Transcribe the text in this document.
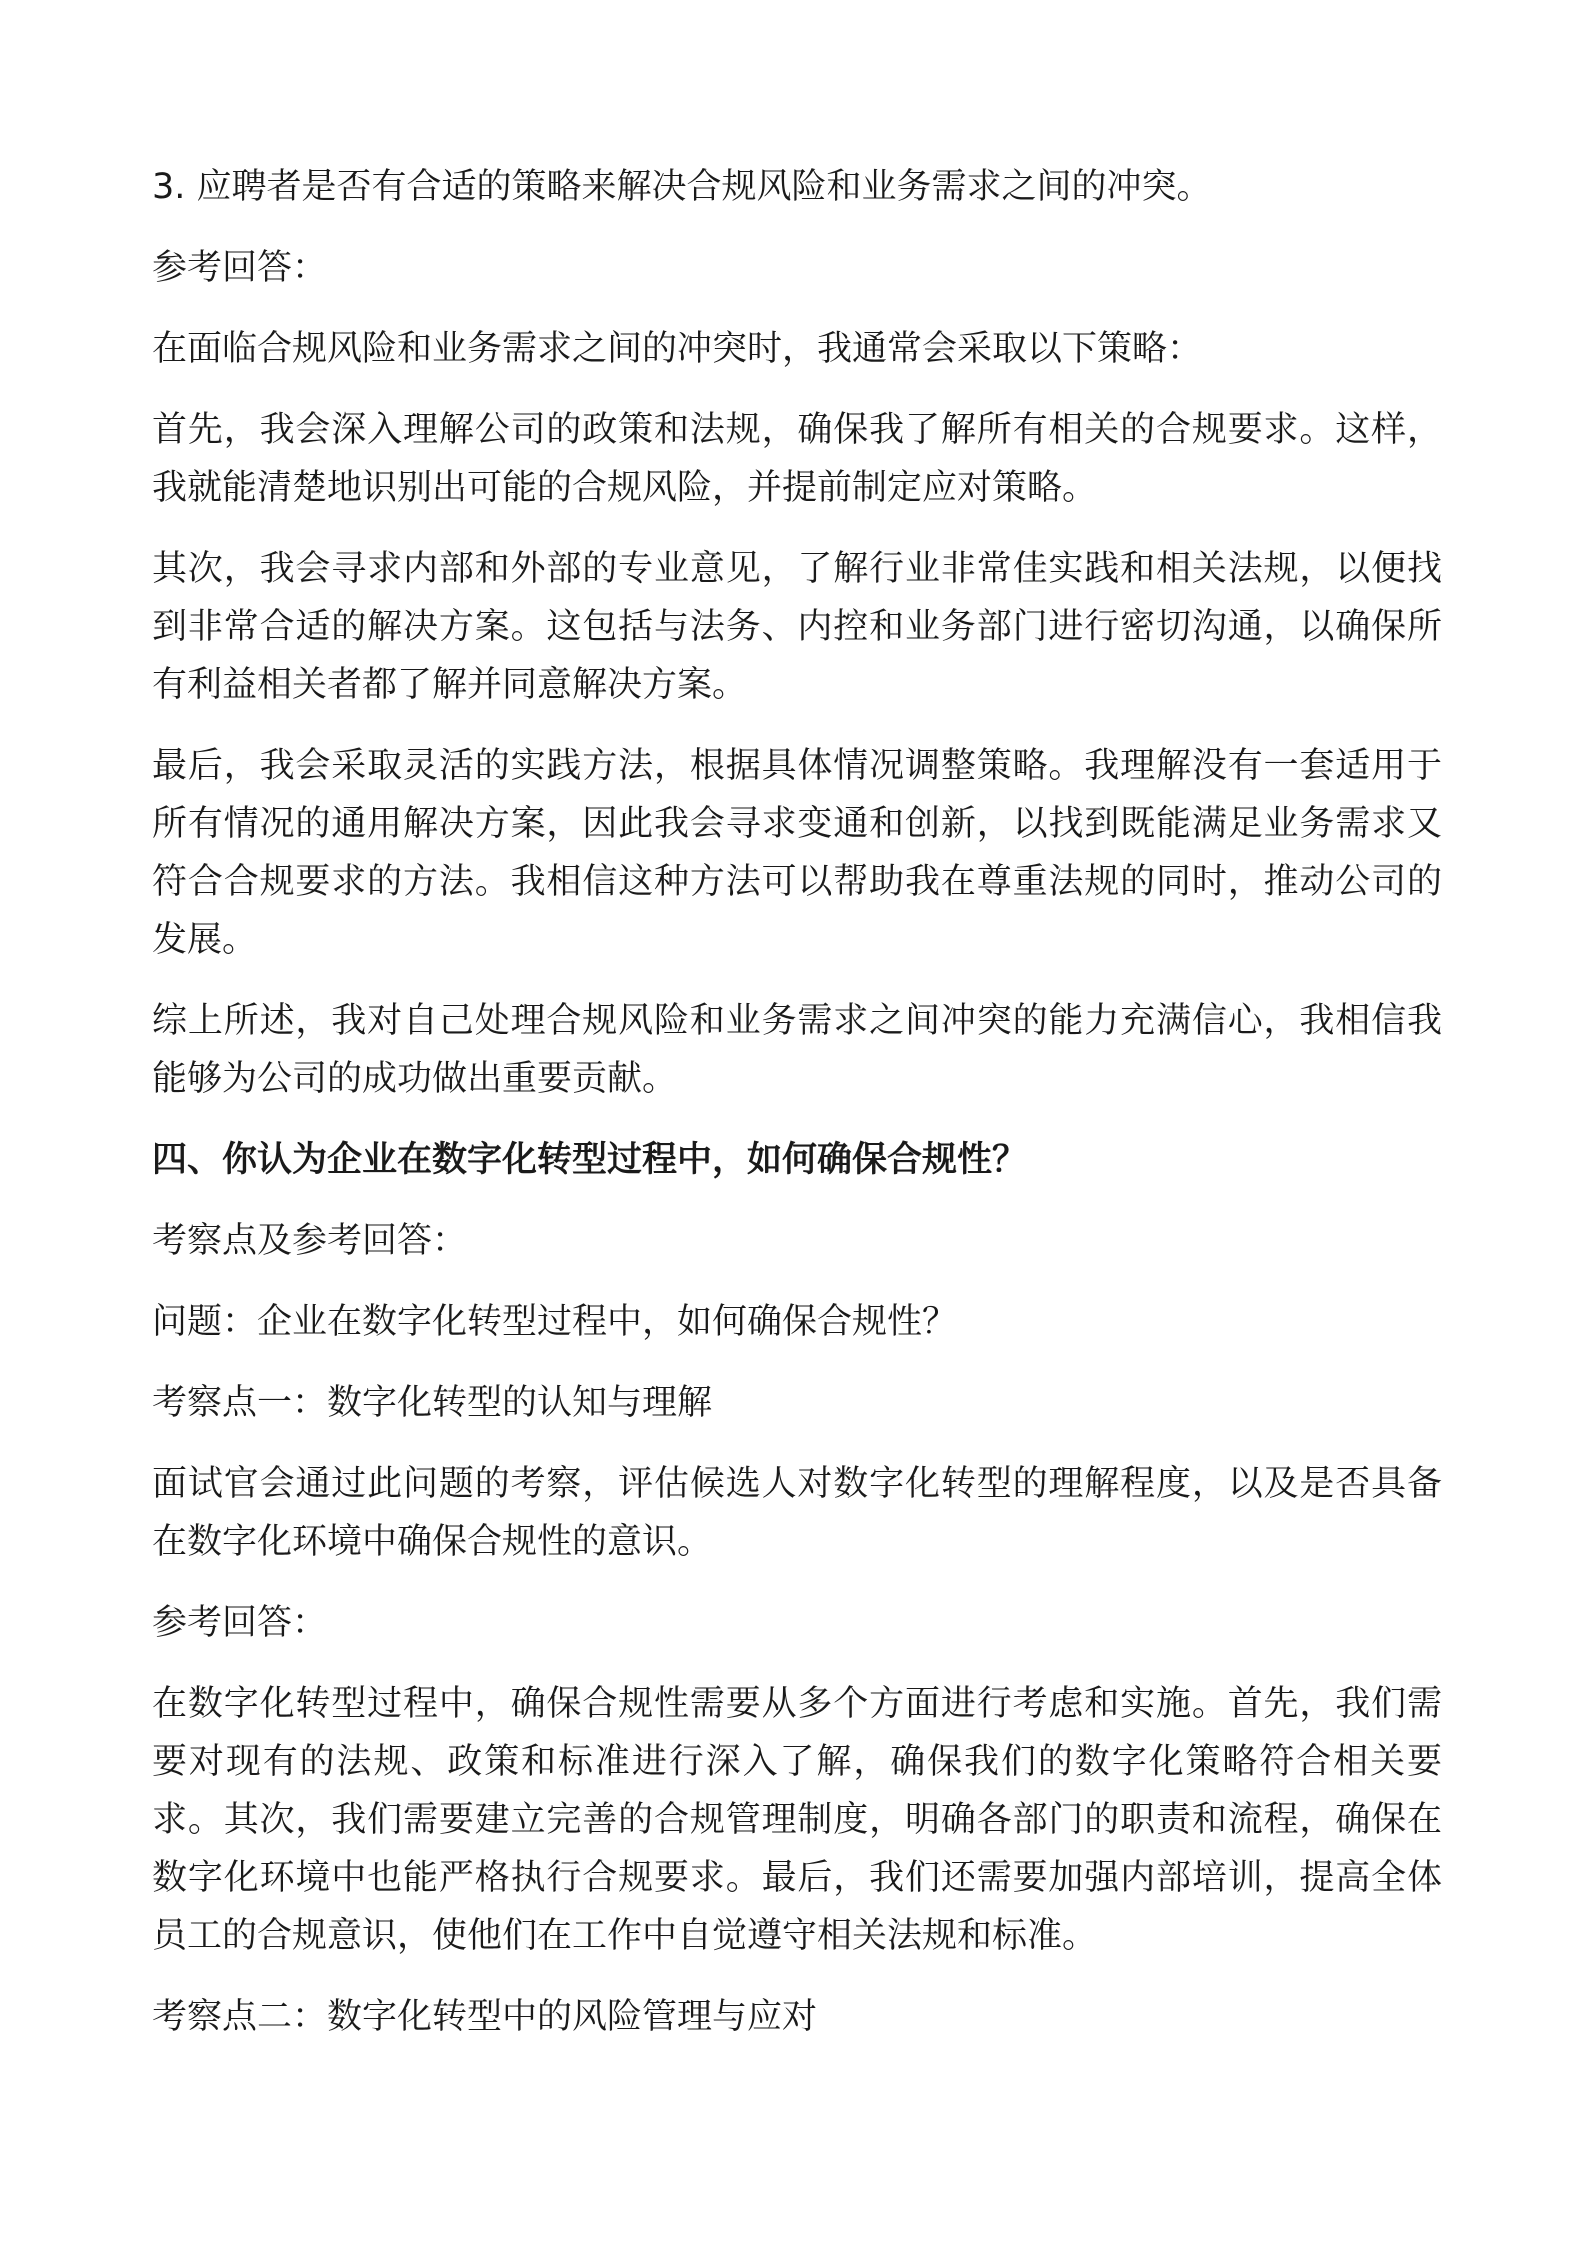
3. 应聘者是否有合适的策略来解决合规风险和业务需求之间的冲突。

参考回答：

在面临合规风险和业务需求之间的冲突时，我通常会采取以下策略：

首先，我会深入理解公司的政策和法规，确保我了解所有相关的合规要求。这样，我就能清楚地识别出可能的合规风险，并提前制定应对策略。

其次，我会寻求内部和外部的专业意见，了解行业非常佳实践和相关法规，以便找到非常合适的解决方案。这包括与法务、内控和业务部门进行密切沟通，以确保所有利益相关者都了解并同意解决方案。

最后，我会采取灵活的实践方法，根据具体情况调整策略。我理解没有一套适用于所有情况的通用解决方案，因此我会寻求变通和创新，以找到既能满足业务需求又符合合规要求的方法。我相信这种方法可以帮助我在尊重法规的同时，推动公司的发展。

综上所述，我对自己处理合规风险和业务需求之间冲突的能力充满信心，我相信我能够为公司的成功做出重要贡献。

四、你认为企业在数字化转型过程中，如何确保合规性？

考察点及参考回答：

问题：企业在数字化转型过程中，如何确保合规性？

考察点一：数字化转型的认知与理解

面试官会通过此问题的考察，评估候选人对数字化转型的理解程度，以及是否具备在数字化环境中确保合规性的意识。

参考回答：

在数字化转型过程中，确保合规性需要从多个方面进行考虑和实施。首先，我们需要对现有的法规、政策和标准进行深入了解，确保我们的数字化策略符合相关要求。其次，我们需要建立完善的合规管理制度，明确各部门的职责和流程，确保在数字化环境中也能严格执行合规要求。最后，我们还需要加强内部培训，提高全体员工的合规意识，使他们在工作中自觉遵守相关法规和标准。

考察点二：数字化转型中的风险管理与应对
